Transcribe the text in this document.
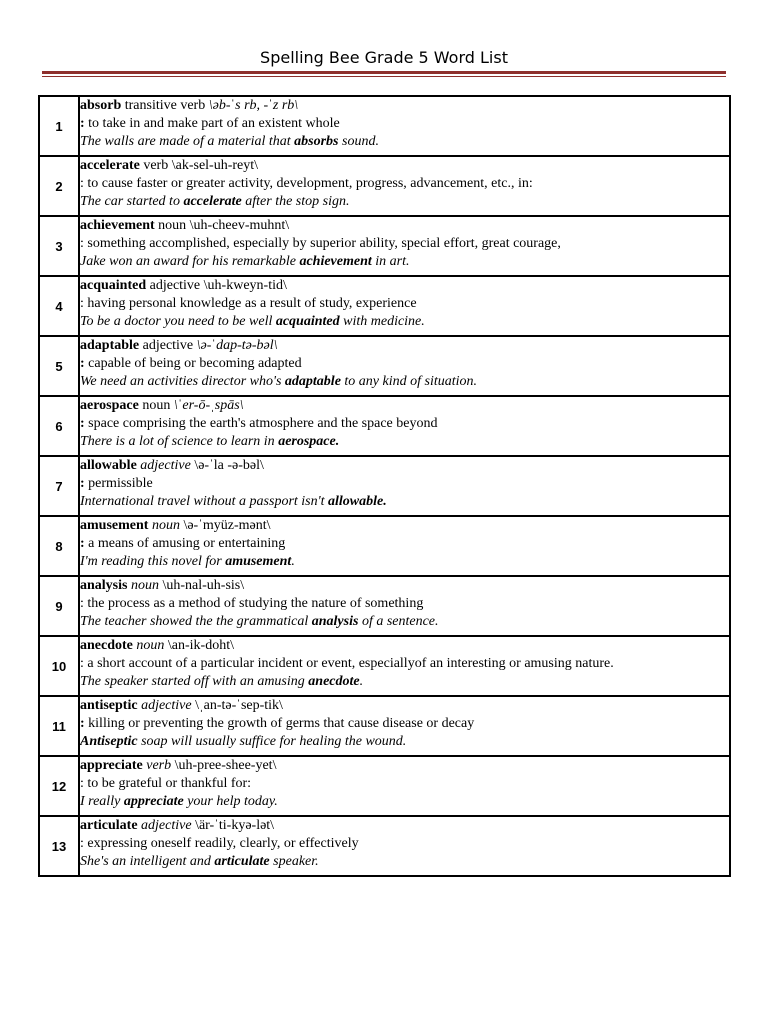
Spelling Bee Grade 5 Word List
1	absorb transitive verb \əb-ˈs rb, -ˈz rb\
: to take in and make part of an existent whole
The walls are made of a material that absorbs sound.

2	accelerate verb \ak-sel-uh-reyt\
: to cause faster or greater activity, development, progress, advancement, etc., in:
The car started to accelerate after the stop sign.

3	achievement noun \uh-cheev-muhnt\
: something accomplished, especially by superior ability, special effort, great courage,
Jake won an award for his remarkable achievement in art.

4	acquainted adjective \uh-kweyn-tid\
: having personal knowledge as a result of study, experience
To be a doctor you need to be well acquainted with medicine.

5	adaptable adjective \ə-ˈdap-tə-bəl\
: capable of being or becoming adapted
We need an activities director who's adaptable to any kind of situation.

6	aerospace noun \ˈer-ō-ˌspās\
: space comprising the earth's atmosphere and the space beyond
There is a lot of science to learn in aerospace.

7	allowable adjective \ə-ˈla -ə-bəl\
: permissible
International travel without a passport isn't allowable.

8	amusement noun \ə-ˈmyüz-mənt\
: a means of amusing or entertaining
I'm reading this novel for amusement.

9	analysis noun \uh-nal-uh-sis\
: the process as a method of studying the nature of something
The teacher showed the the grammatical analysis of a sentence.

10	anecdote noun \an-ik-doht\
: a short account of a particular incident or event, especiallyof an interesting or amusing nature.
The speaker started off with an amusing anecdote.

11	antiseptic adjective \ˌan-tə-ˈsep-tik\
: killing or preventing the growth of germs that cause disease or decay
Antiseptic soap will usually suffice for healing the wound.

12	appreciate verb \uh-pree-shee-yet\
: to be grateful or thankful for:
I really appreciate your help today.

13	articulate adjective \är-ˈti-kyə-lət\
: expressing oneself readily, clearly, or effectively
She's an intelligent and articulate speaker.
